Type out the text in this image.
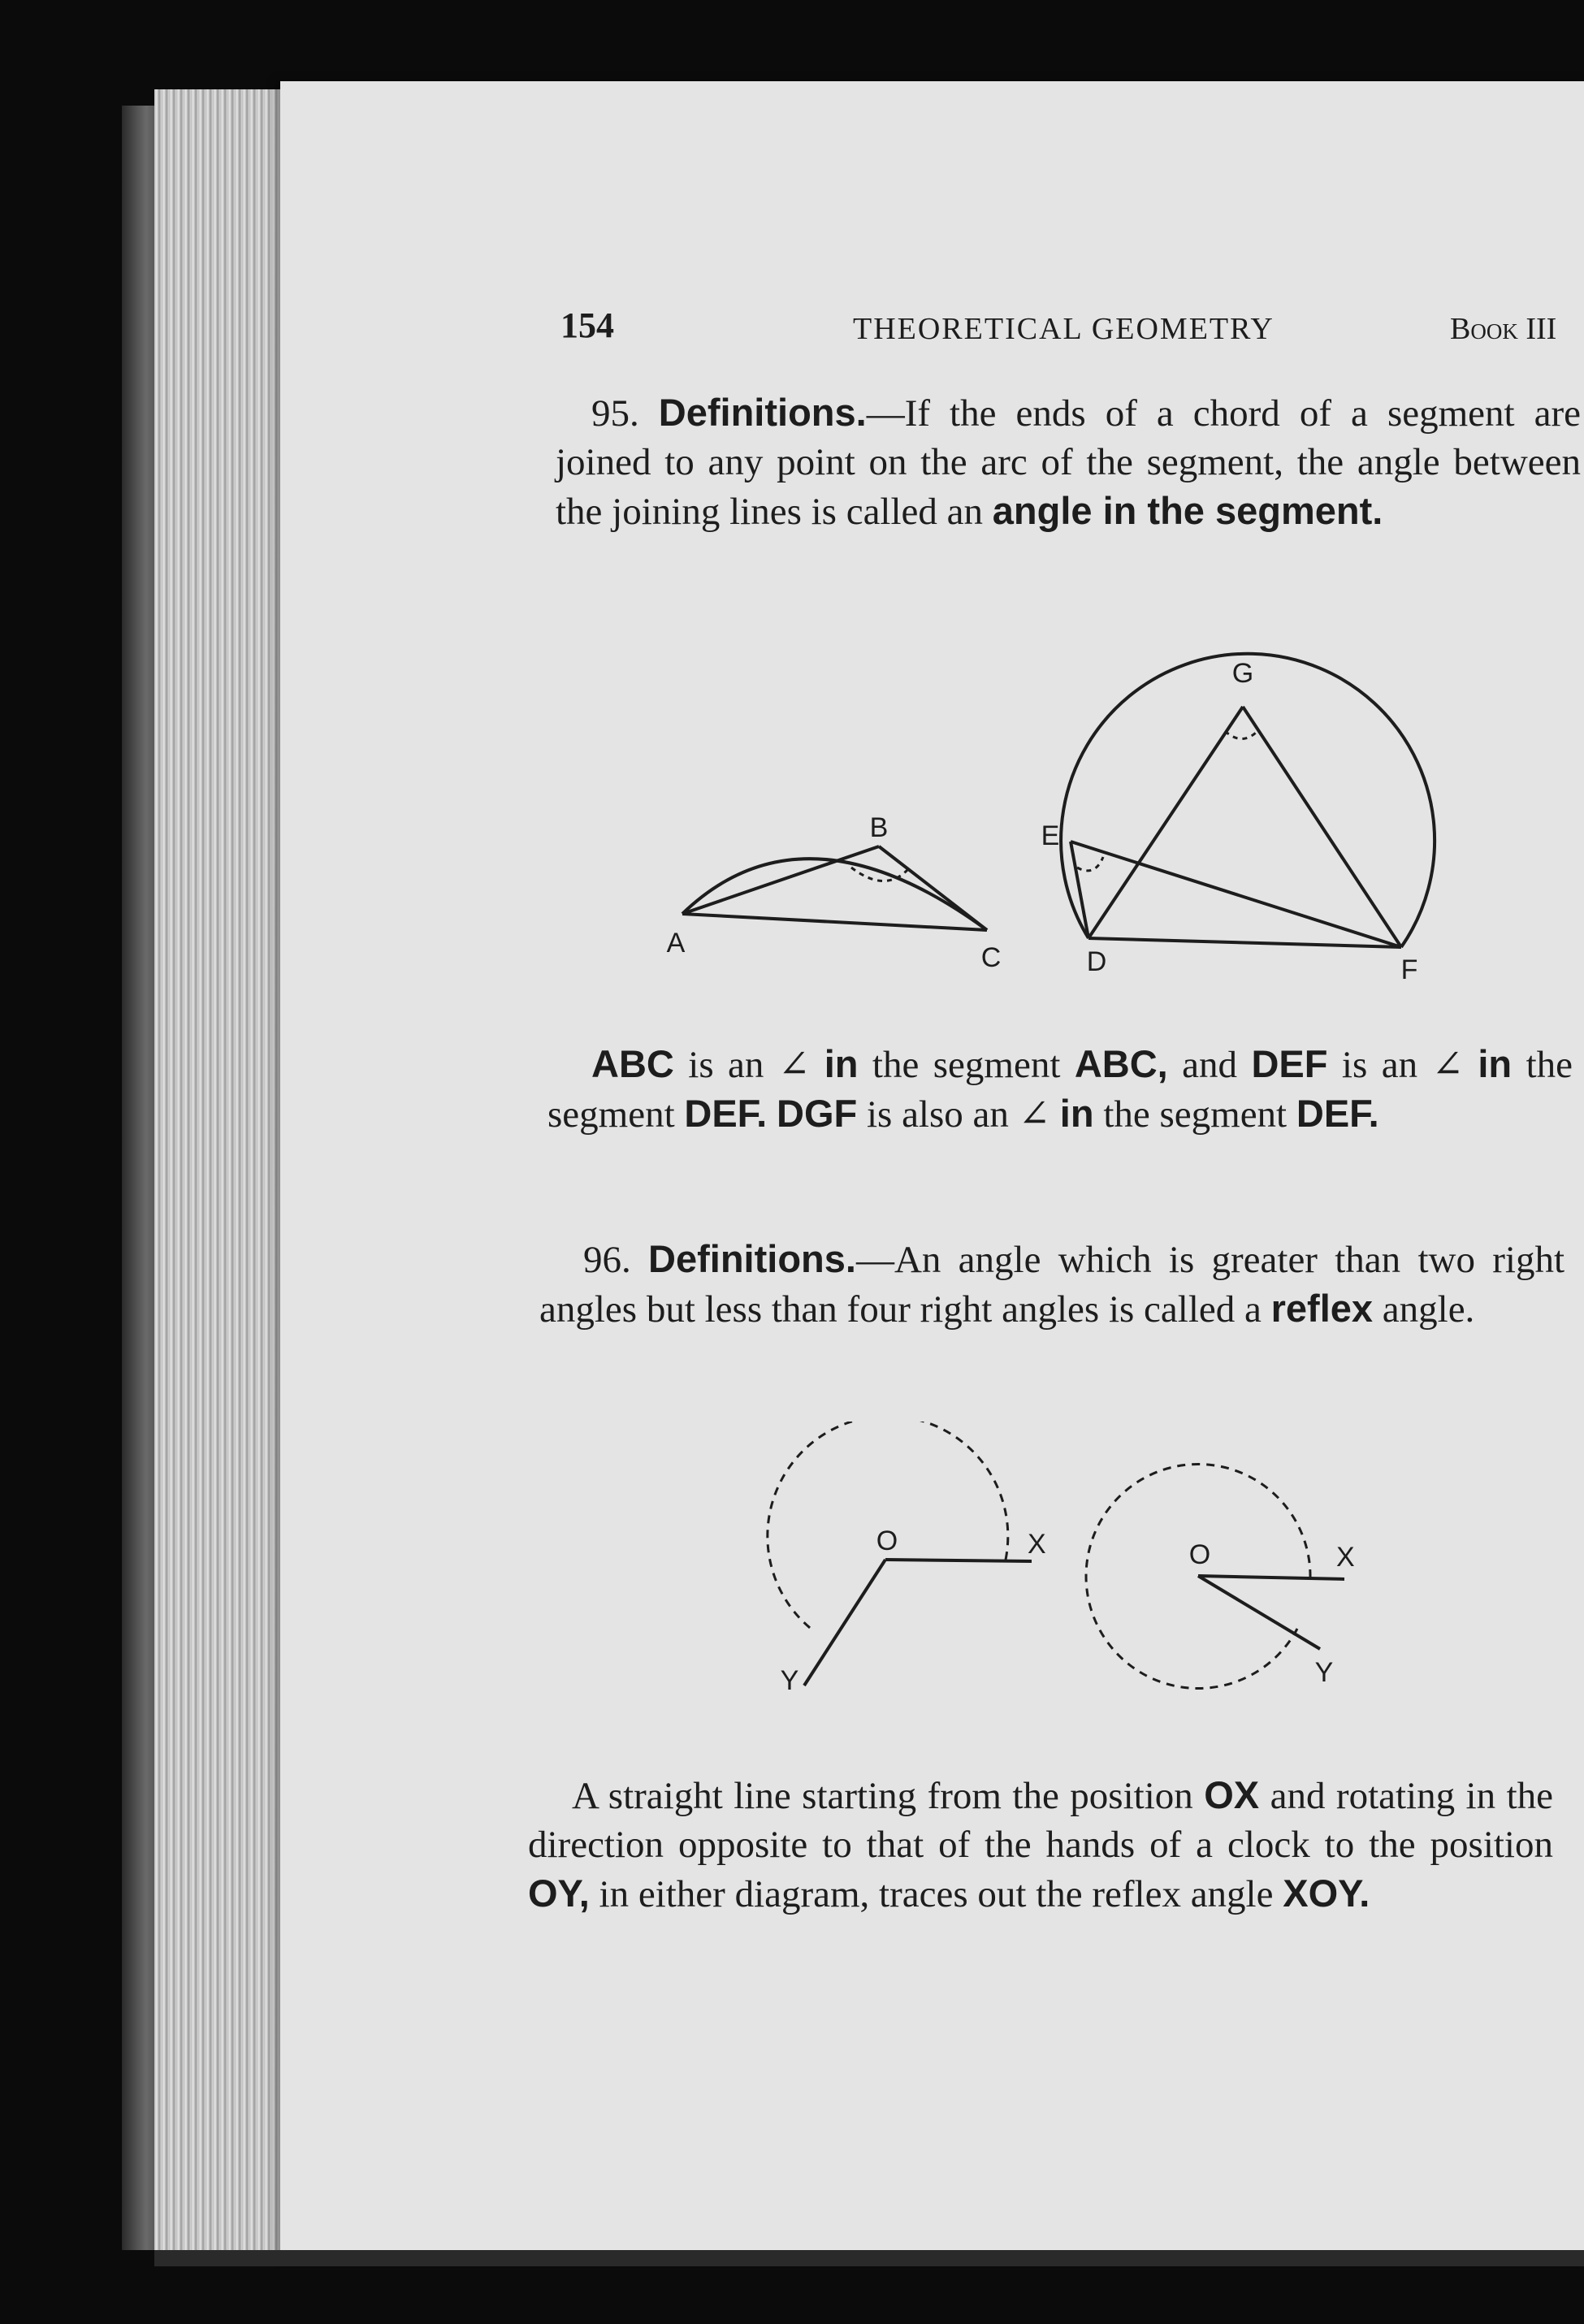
154	THEORETICAL GEOMETRY	Book III
95. Definitions.—If the ends of a chord of a segment are joined to any point on the arc of the segment, the angle between the joining lines is called an angle in the segment.
B
A	C
G
E
D	F
ABC is an ∠ in the segment ABC, and DEF is an ∠ in the segment DEF. DGF is also an ∠ in the segment DEF.
96. Definitions.—An angle which is greater than two right angles but less than four right angles is called a reflex angle.
O	X
Y
O	X
Y
A straight line starting from the position OX and rotating in the direction opposite to that of the hands of a clock to the position OY, in either diagram, traces out the reflex angle XOY.
